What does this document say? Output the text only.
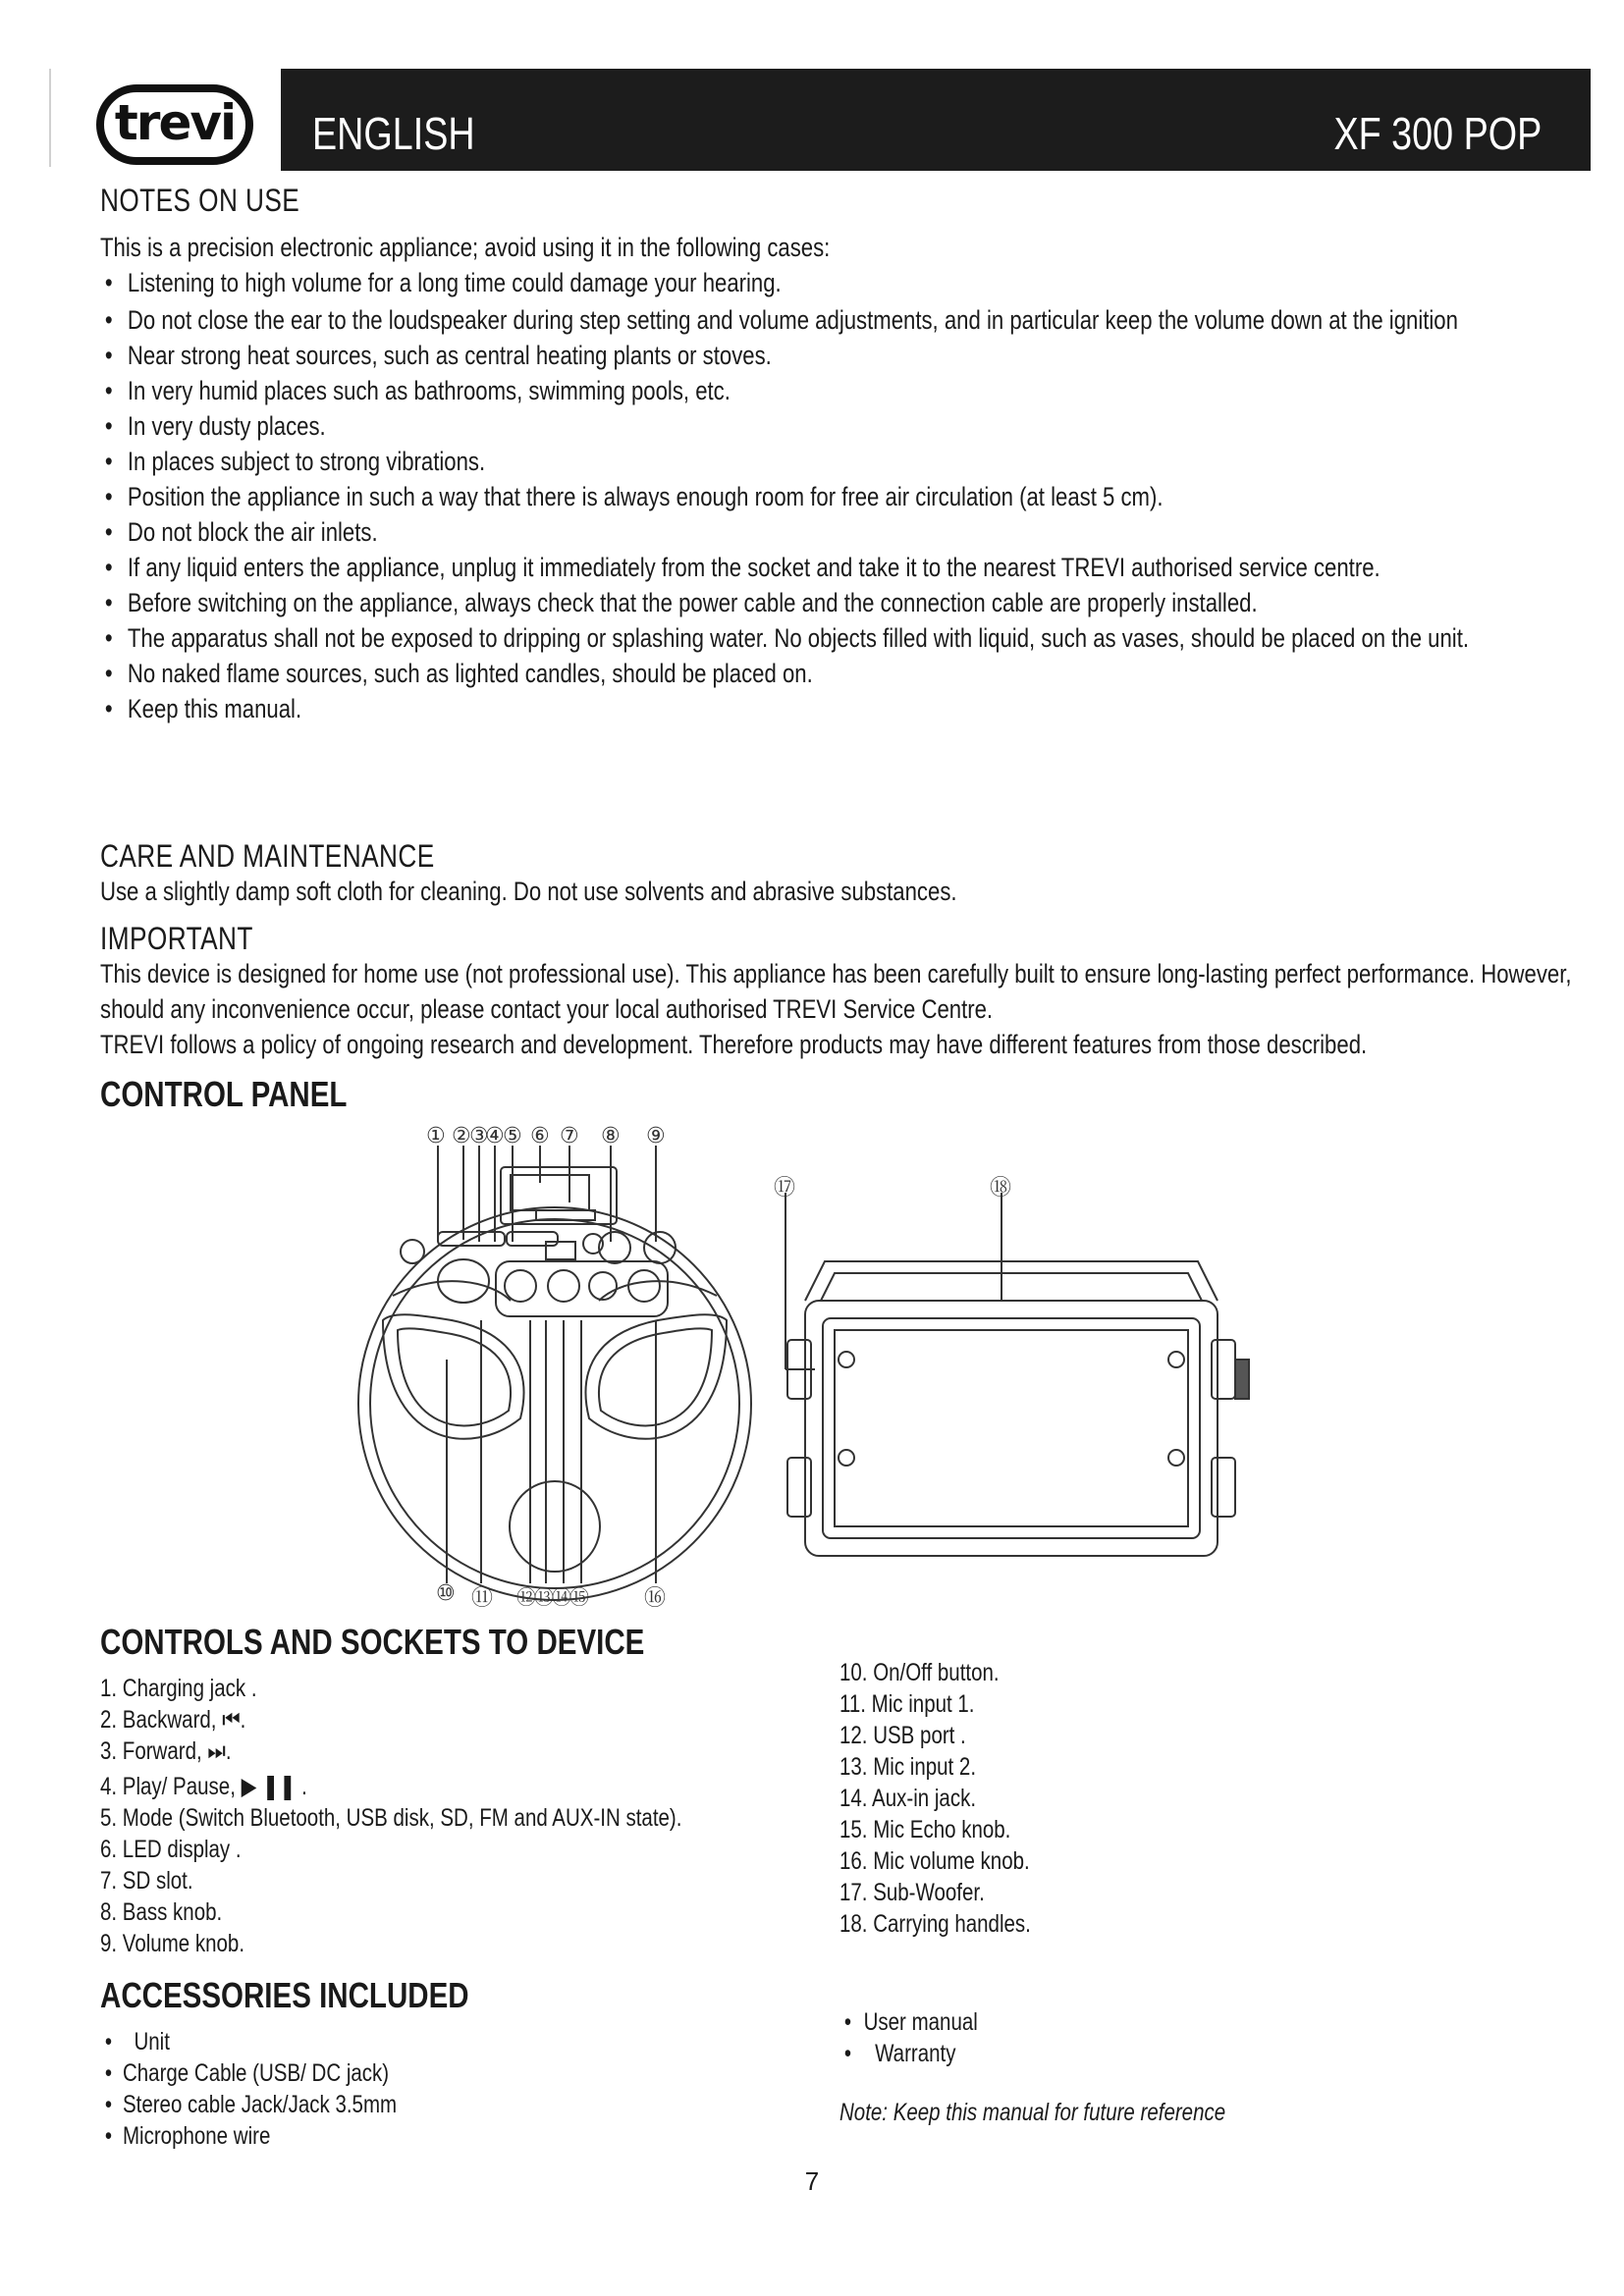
trevi	ENGLISH	XF 300 POP
NOTES ON USE
This is a precision electronic appliance; avoid using it in the following cases:
• Listening to high volume for a long time could damage your hearing.
• Do not close the ear to the loudspeaker during step setting and volume adjustments, and in particular keep the volume down at the ignition
• Near strong heat sources, such as central heating plants or stoves.
• In very humid places such as bathrooms, swimming pools, etc.
• In very dusty places.
• In places subject to strong vibrations.
• Position the appliance in such a way that there is always enough room for free air circulation (at least 5 cm).
• Do not block the air inlets.
• If any liquid enters the appliance, unplug it immediately from the socket and take it to the nearest TREVI authorised service centre.
• Before switching on the appliance, always check that the power cable and the connection cable are properly installed.
• The apparatus shall not be exposed to dripping or splashing water. No objects filled with liquid, such as vases, should be placed on the unit.
• No naked flame sources, such as lighted candles, should be placed on.
• Keep this manual.
CARE AND MAINTENANCE
Use a slightly damp soft cloth for cleaning. Do not use solvents and abrasive substances.
IMPORTANT
This device is designed for home use (not professional use). This appliance has been carefully built to ensure long-lasting perfect performance. However, should any inconvenience occur, please contact your local authorised TREVI Service Centre.
TREVI follows a policy of ongoing research and development. Therefore products may have different features from those described.
CONTROL PANEL
① ②
③
④
⑤ ⑥ ⑦ ⑧ ⑨
⑩ ⑪ ⑫
⑬
⑭
⑮	⑯
⑰	⑱
CONTROLS AND SOCKETS TO DEVICE
1. Charging jack .
2. Backward, ⏮.
3. Forward, ⏭.
4. Play/ Pause, ▶ ❚❚ .
5. Mode (Switch Bluetooth, USB disk, SD, FM and AUX-IN state).
6. LED display .
7. SD slot.
8. Bass knob.
9. Volume knob.
10. On/Off button.
11. Mic input 1.
12. USB port .
13. Mic input 2.
14. Aux-in jack.
15. Mic Echo knob.
16. Mic volume knob.
17. Sub-Woofer.
18. Carrying handles.
ACCESSORIES INCLUDED
• Unit
• Charge Cable (USB/ DC jack)
• Stereo cable Jack/Jack 3.5mm
• Microphone wire
• User manual
• Warranty
Note: Keep this manual for future reference
7
